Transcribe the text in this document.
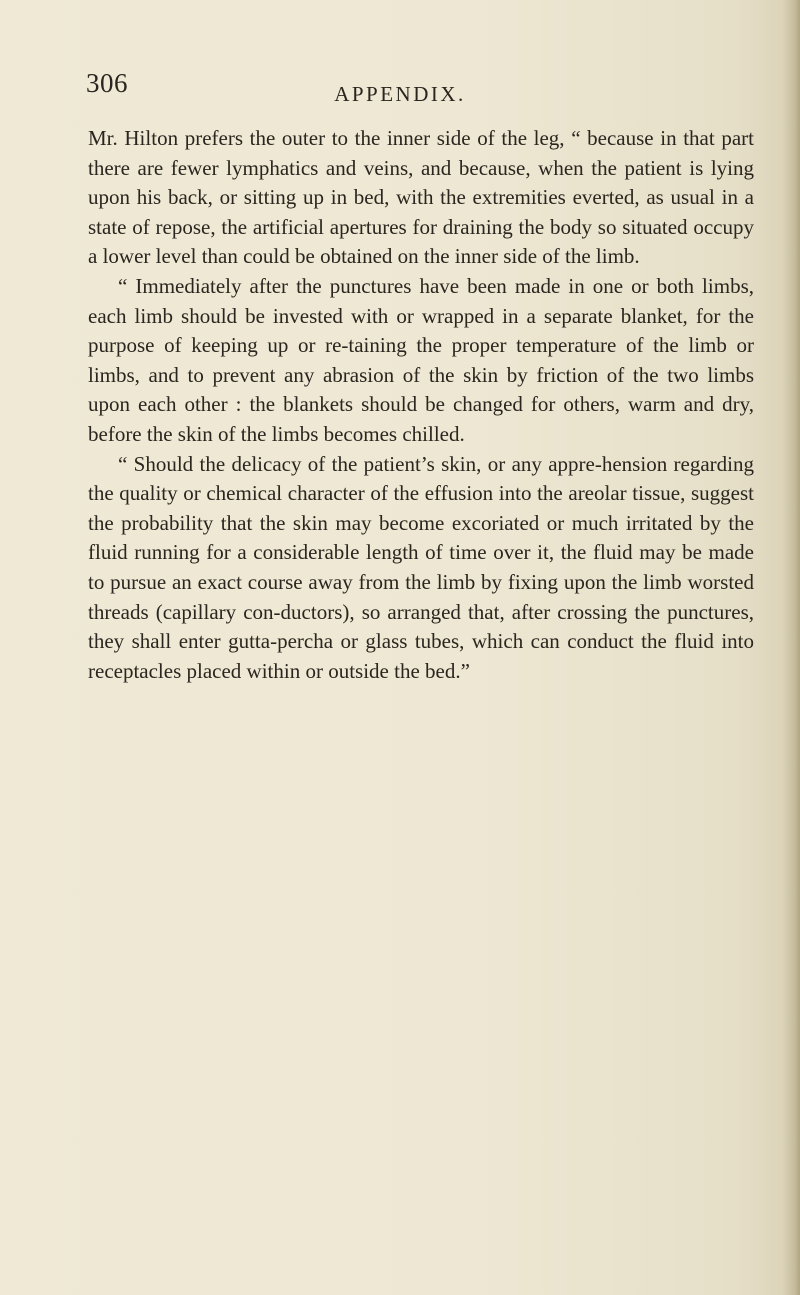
306	APPENDIX.

Mr. Hilton prefers the outer to the inner side of the leg, “ because in that part there are fewer lymphatics and veins, and because, when the patient is lying upon his back, or sitting up in bed, with the extremities everted, as usual in a state of repose, the artificial apertures for draining the body so situated occupy a lower level than could be obtained on the inner side of the limb.

“ Immediately after the punctures have been made in one or both limbs, each limb should be invested with or wrapped in a separate blanket, for the purpose of keeping up or re-taining the proper temperature of the limb or limbs, and to prevent any abrasion of the skin by friction of the two limbs upon each other : the blankets should be changed for others, warm and dry, before the skin of the limbs becomes chilled.

“ Should the delicacy of the patient’s skin, or any appre-hension regarding the quality or chemical character of the effusion into the areolar tissue, suggest the probability that the skin may become excoriated or much irritated by the fluid running for a considerable length of time over it, the fluid may be made to pursue an exact course away from the limb by fixing upon the limb worsted threads (capillary con-ductors), so arranged that, after crossing the punctures, they shall enter gutta-percha or glass tubes, which can conduct the fluid into receptacles placed within or outside the bed.”
